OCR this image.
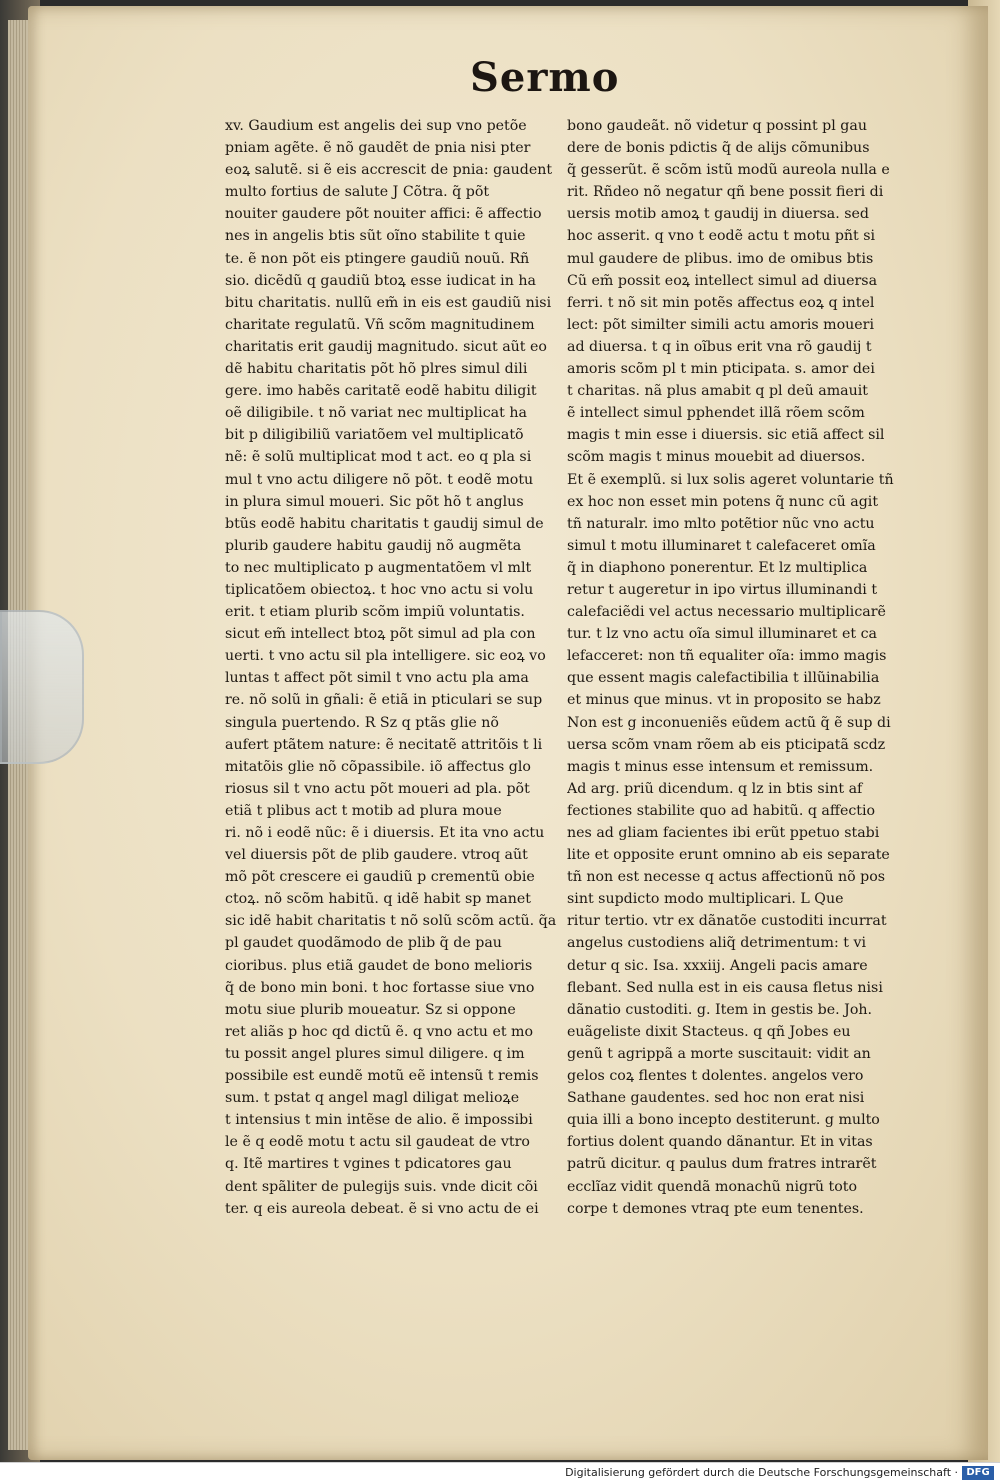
Sermo
xv. Gaudium est angelis dei sup vno petõe
pniam agẽte. ẽ nõ gaudẽt de pnia nisi pter
eoꝝ salutẽ. si ẽ eis accrescit de pnia: gaudent
multo fortius de salute J Cõtra. q̃ põt
nouiter gaudere põt nouiter affici: ẽ affectio
nes in angelis btis sũt oĩno stabilite t quie
te. ẽ non põt eis ptingere gaudiũ nouũ. Rñ
sio. dicẽdũ q gaudiũ btoꝝ esse iudicat in ha
bitu charitatis. nullũ em̃ in eis est gaudiũ nisi
charitate regulatũ. Vñ scõm magnitudinem
charitatis erit gaudij magnitudo. sicut aũt eo
dẽ habitu charitatis põt hõ plres simul dili
gere. imo habẽs caritatẽ eodẽ habitu diligit
oẽ diligibile. t nõ variat nec multiplicat ha
bit p diligibiliũ variatõem vel multiplicatõ
nẽ: ẽ solũ multiplicat mod t act. eo q pla si
mul t vno actu diligere nõ põt. t eodẽ motu
in plura simul moueri. Sic põt hõ t anglus
btũs eodẽ habitu charitatis t gaudij simul de
plurib gaudere habitu gaudij nõ augmẽta
to nec multiplicato p augmentatõem vl mlt
tiplicatõem obiectoꝝ. t hoc vno actu si volu
erit. t etiam plurib scõm impiũ voluntatis.
sicut em̃ intellect btoꝝ põt simul ad pla con
uerti. t vno actu sil pla intelligere. sic eoꝝ vo
luntas t affect põt simil t vno actu pla ama
re. nõ solũ in gñali: ẽ etiã in pticulari se sup
singula puertendo. R Sz q ptãs glie nõ
aufert ptãtem nature: ẽ necitatẽ attritõis t li
mitatõis glie nõ cõpassibile. iõ affectus glo
riosus sil t vno actu põt moueri ad pla. põt
etiã t plibus act t motib ad plura moue
ri. nõ i eodẽ nũc: ẽ i diuersis. Et ita vno actu
vel diuersis põt de plib gaudere. vtroq aũt
mõ põt crescere ei gaudiũ p crementũ obie
ctoꝝ. nõ scõm habitũ. q idẽ habit sp manet
sic idẽ habit charitatis t nõ solũ scõm actũ. q̃a
pl gaudet quodãmodo de plib q̃ de pau
cioribus. plus etiã gaudet de bono melioris
q̃ de bono min boni. t hoc fortasse siue vno
motu siue plurib moueatur. Sz si oppone
ret aliãs p hoc qd dictũ ẽ. q vno actu et mo
tu possit angel plures simul diligere. q im
possibile est eundẽ motũ eẽ intensũ t remis
sum. t pstat q angel magl diligat melioꝝe
t intensius t min intẽse de alio. ẽ impossibi
le ẽ q eodẽ motu t actu sil gaudeat de vtro
q. Itẽ martires t vgines t pdicatores gau
dent spãliter de pulegijs suis. vnde dicit cõi
ter. q eis aureola debeat. ẽ si vno actu de ei
bono gaudeãt. nõ videtur q possint pl gau
dere de bonis pdictis q̃ de alijs cõmunibus
q̃ gesserũt. ẽ scõm istũ modũ aureola nulla e
rit. Rñdeo nõ negatur qñ bene possit fieri di
uersis motib amoꝝ t gaudij in diuersa. sed
hoc asserit. q vno t eodẽ actu t motu pñt si
mul gaudere de plibus. imo de omibus btis
Cũ em̃ possit eoꝝ intellect simul ad diuersa
ferri. t nõ sit min potẽs affectus eoꝝ q intel
lect: põt similter simili actu amoris moueri
ad diuersa. t q in oĩbus erit vna rõ gaudij t
amoris scõm pl t min pticipata. s. amor dei
t charitas. nã plus amabit q pl deũ amauit
ẽ intellect simul pphendet illã rõem scõm
magis t min esse i diuersis. sic etiã affect sil
scõm magis t minus mouebit ad diuersos.
Et ẽ exemplũ. si lux solis ageret voluntarie tñ
ex hoc non esset min potens q̃ nunc cũ agit
tñ naturalr. imo mlto potẽtior nũc vno actu
simul t motu illuminaret t calefaceret omĩa
q̃ in diaphono ponerentur. Et lz multiplica
retur t augeretur in ipo virtus illuminandi t
calefaciẽdi vel actus necessario multiplicarẽ
tur. t lz vno actu oĩa simul illuminaret et ca
lefacceret: non tñ equaliter oĩa: immo magis
que essent magis calefactibilia t illũinabilia
et minus que minus. vt in proposito se habz
Non est g inconueniẽs eũdem actũ q̃ ẽ sup di
uersa scõm vnam rõem ab eis pticipatã scdz
magis t minus esse intensum et remissum.
Ad arg. priũ dicendum. q lz in btis sint af
fectiones stabilite quo ad habitũ. q affectio
nes ad gliam facientes ibi erũt ppetuo stabi
lite et opposite erunt omnino ab eis separate
tñ non est necesse q actus affectionũ nõ pos
sint supdicto modo multiplicari. L Que
ritur tertio. vtr ex dãnatõe custoditi incurrat
angelus custodiens aliq̃ detrimentum: t vi
detur q sic. Isa. xxxiij. Angeli pacis amare
flebant. Sed nulla est in eis causa fletus nisi
dãnatio custoditi. g. Item in gestis be. Joh.
euãgeliste dixit Stacteus. q qñ Jobes eu
genũ t agrippã a morte suscitauit: vidit an
gelos coꝝ flentes t dolentes. angelos vero
Sathane gaudentes. sed hoc non erat nisi
quia illi a bono incepto destiterunt. g multo
fortius dolent quando dãnantur. Et in vitas
patrũ dicitur. q paulus dum fratres intrarẽt
ecclĩaz vidit quendã monachũ nigrũ toto
corpe t demones vtraq pte eum tenentes.
Digitalisierung gefördert durch die Deutsche Forschungsgemeinschaft · DFG
